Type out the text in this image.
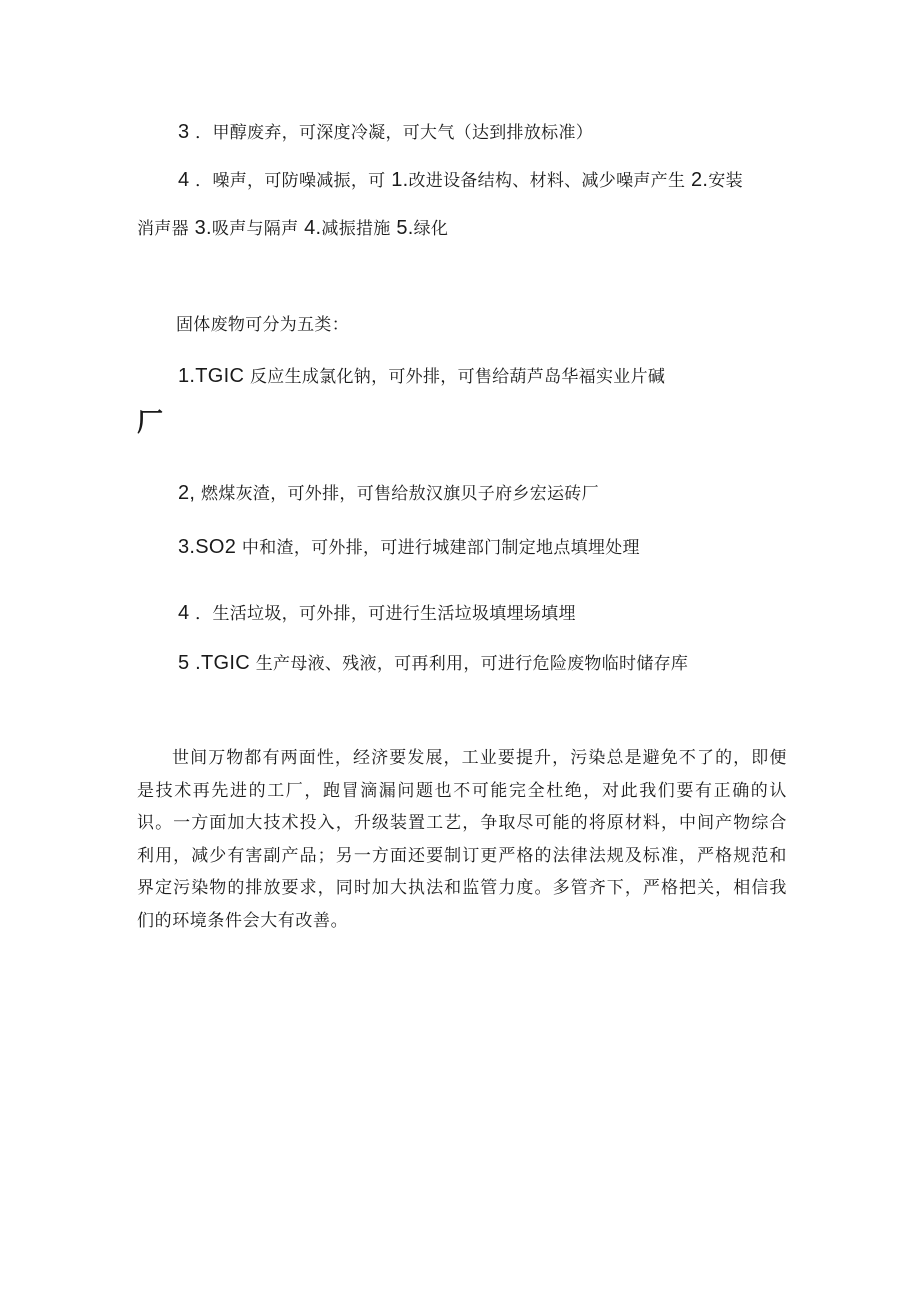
3 ．甲醇废弃，可深度冷凝，可大气（达到排放标准）
4 ．噪声，可防噪减振，可 1.改进设备结构、材料、减少噪声产生 2.安装
消声器 3.吸声与隔声 4.减振措施 5.绿化
固体废物可分为五类：
1.TGIC 反应生成氯化钠，可外排，可售给葫芦岛华福实业片碱
厂
2, 燃煤灰渣，可外排，可售给敖汉旗贝子府乡宏运砖厂
3.SO2 中和渣，可外排，可进行城建部门制定地点填埋处理
4 ．生活垃圾，可外排，可进行生活垃圾填埋场填埋
5 .TGIC 生产母液、残液，可再利用，可进行危险废物临时储存库
世间万物都有两面性，经济要发展，工业要提升，污染总是避免不了的，即便是技术再先进的工厂，跑冒滴漏问题也不可能完全杜绝，对此我们要有正确的认识。一方面加大技术投入，升级装置工艺，争取尽可能的将原材料，中间产物综合利用，减少有害副产品；另一方面还要制订更严格的法律法规及标准，严格规范和界定污染物的排放要求，同时加大执法和监管力度。多管齐下，严格把关，相信我们的环境条件会大有改善。
